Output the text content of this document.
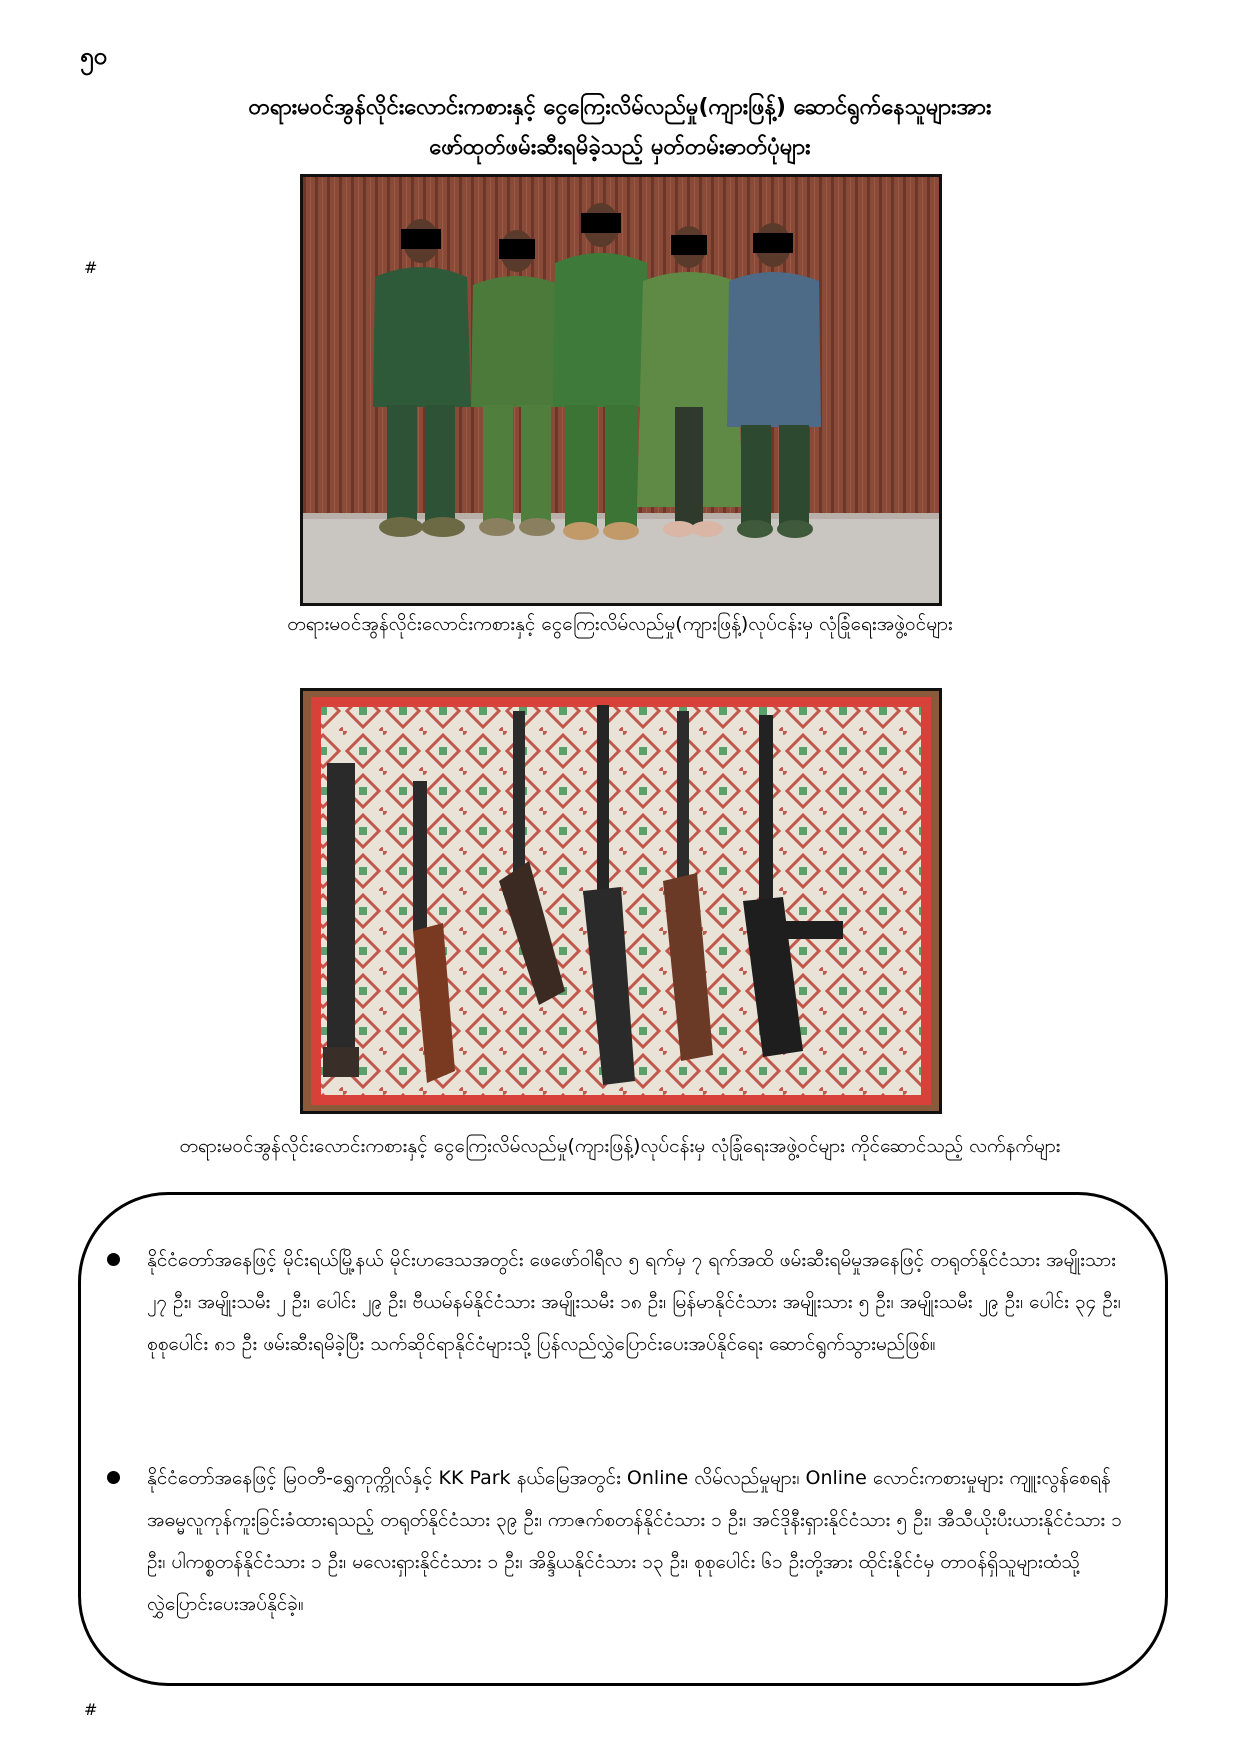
၅၀
#
တရားမဝင်အွန်လိုင်းလောင်းကစားနှင့် ငွေကြေးလိမ်လည်မှု(ကျားဖြန့်) ဆောင်ရွက်နေသူများအား
ဖော်ထုတ်ဖမ်းဆီးရမိခဲ့သည့် မှတ်တမ်းဓာတ်ပုံများ
တရားမဝင်အွန်လိုင်းလောင်းကစားနှင့် ငွေကြေးလိမ်လည်မှု(ကျားဖြန့်)လုပ်ငန်းမှ လုံခြုံရေးအဖွဲ့ဝင်များ
တရားမဝင်အွန်လိုင်းလောင်းကစားနှင့် ငွေကြေးလိမ်လည်မှု(ကျားဖြန့်)လုပ်ငန်းမှ လုံခြုံရေးအဖွဲ့ဝင်များ ကိုင်ဆောင်သည့် လက်နက်များ
နိုင်ငံတော်အနေဖြင့် မိုင်းရယ်မြို့နယ် မိုင်းဟဒေသအတွင်း ဖေဖော်ဝါရီလ ၅ ရက်မှ ၇ ရက်အထိ ဖမ်းဆီးရမိမှုအနေဖြင့် တရုတ်နိုင်ငံသား အမျိုးသား ၂၇ ဦး၊ အမျိုးသမီး ၂ ဦး၊ ပေါင်း ၂၉ ဦး၊ ဗီယမ်နမ်နိုင်ငံသား အမျိုးသမီး ၁၈ ဦး၊ မြန်မာနိုင်ငံသား အမျိုးသား ၅ ဦး၊ အမျိုးသမီး ၂၉ ဦး၊ ပေါင်း ၃၄ ဦး၊ စုစုပေါင်း ၈၁ ဦး ဖမ်းဆီးရမိခဲ့ပြီး သက်ဆိုင်ရာနိုင်ငံများသို့ ပြန်လည်လွှဲပြောင်းပေးအပ်နိုင်ရေး ဆောင်ရွက်သွားမည်ဖြစ်။
နိုင်ငံတော်အနေဖြင့် မြဝတီ-ရွှေကုက္ကိုလ်နှင့် KK Park နယ်မြေအတွင်း Online လိမ်လည်မှုများ၊ Online လောင်းကစားမှုများ ကျူးလွန်စေရန် အဓမ္မလူကုန်ကူးခြင်းခံထားရသည့် တရုတ်နိုင်ငံသား ၃၉ ဦး၊ ကာဇက်စတန်နိုင်ငံသား ၁ ဦး၊ အင်ဒိုနီးရှားနိုင်ငံသား ၅ ဦး၊ အီသီယိုးပီးယားနိုင်ငံသား ၁ ဦး၊ ပါကစ္စတန်နိုင်ငံသား ၁ ဦး၊ မလေးရှားနိုင်ငံသား ၁ ဦး၊ အိန္ဒိယနိုင်ငံသား ၁၃ ဦး၊ စုစုပေါင်း ၆၁ ဦးတို့အား ထိုင်းနိုင်ငံမှ တာဝန်ရှိသူများထံသို့ လွှဲပြောင်းပေးအပ်နိုင်ခဲ့။
#
